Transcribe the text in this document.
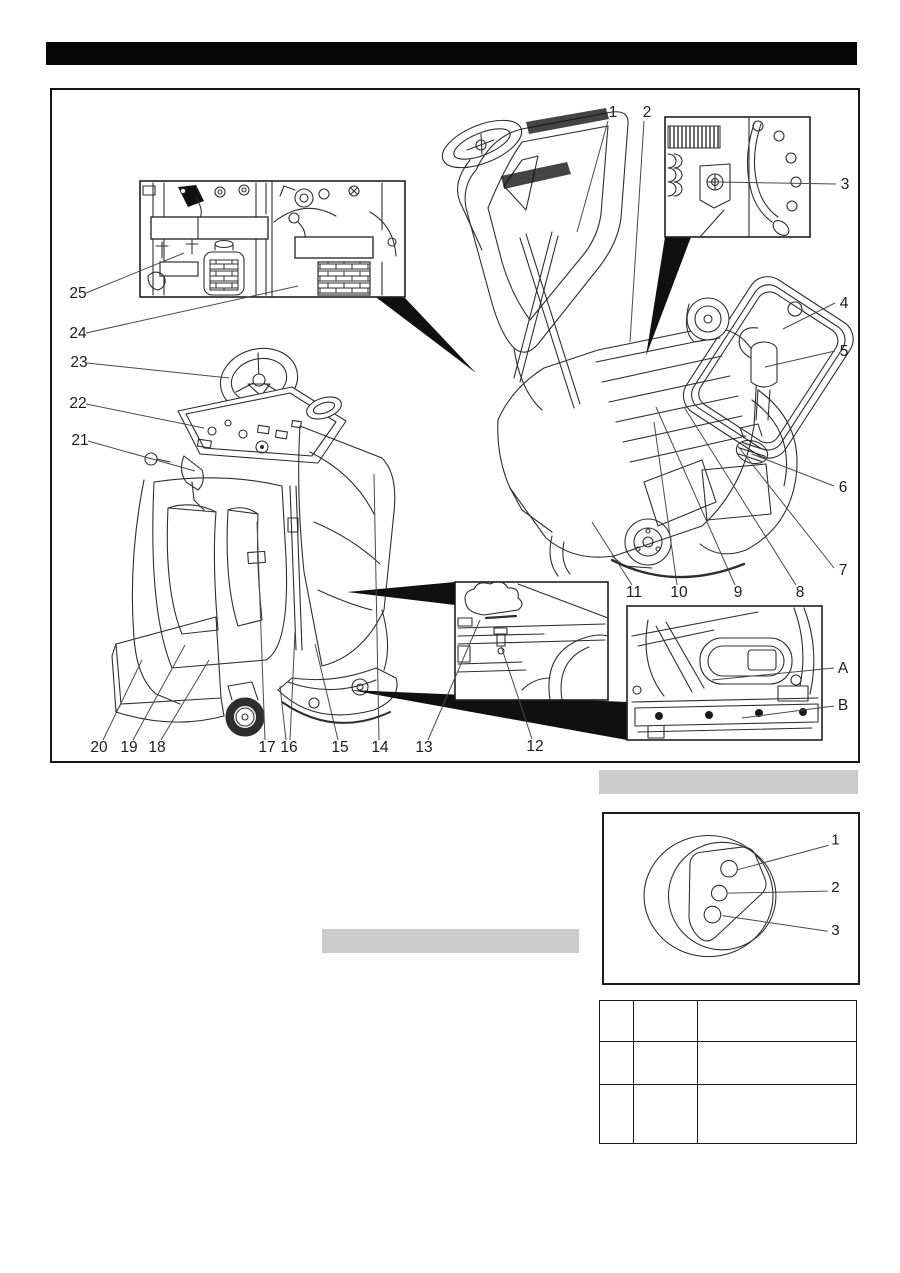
1 2
3
4
5
6
7
8
9
10
11
12
13
14
15
16
17
18
19
20
21
22
23
24
25
A
B
1
2
3
